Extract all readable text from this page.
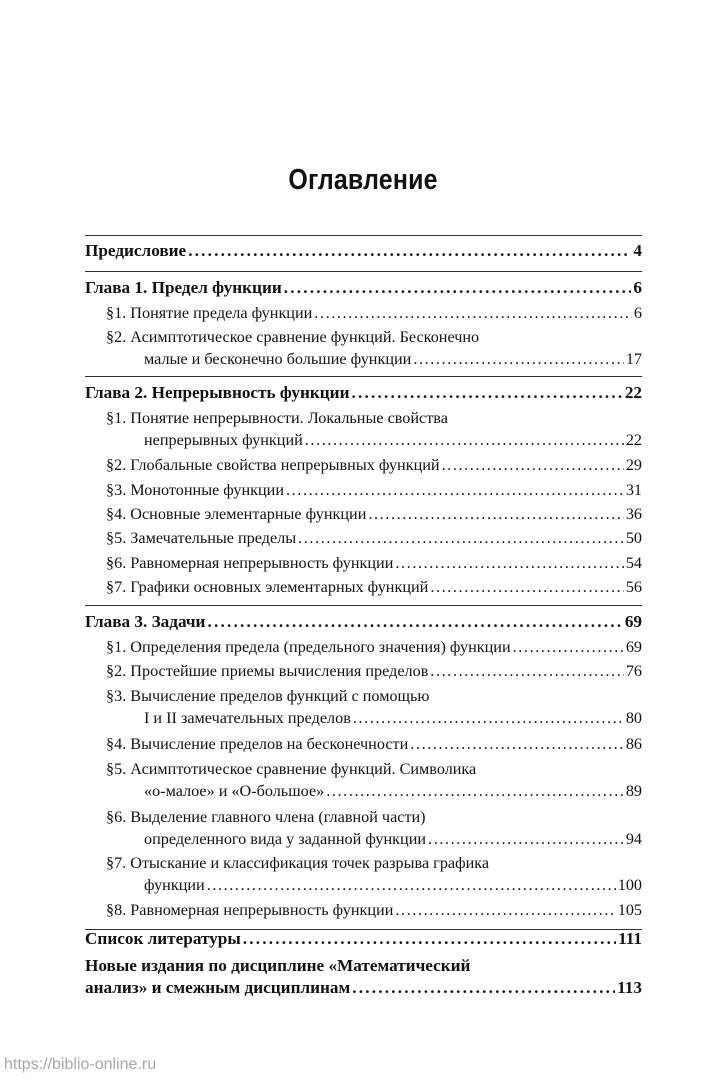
Оглавление
Предисловие .....	4
Глава 1. Предел функции .....	6
§1. Понятие предела функции .....	6
§2. Асимптотическое сравнение функций. Бесконечно
малые и бесконечно большие функции .....	17
Глава 2. Непрерывность функции .....	22
§1. Понятие непрерывности. Локальные свойства
непрерывных функций .....	22
§2. Глобальные свойства непрерывных функций .....	29
§3. Монотонные функции .....	31
§4. Основные элементарные функции .....	36
§5. Замечательные пределы .....	50
§6. Равномерная непрерывность функции .....	54
§7. Графики основных элементарных функций .....	56
Глава 3. Задачи .....	69
§1. Определения предела (предельного значения) функции .....	69
§2. Простейшие приемы вычисления пределов .....	76
§3. Вычисление пределов функций с помощью
I и II замечательных пределов .....	80
§4. Вычисление пределов на бесконечности .....	86
§5. Асимптотическое сравнение функций. Символика
«о-малое» и «О-большое» .....	89
§6. Выделение главного члена (главной части)
определенного вида у заданной функции .....	94
§7. Отыскание и классификация точек разрыва графика
функции .....	100
§8. Равномерная непрерывность функции .....	105
Список литературы .....	111
Новые издания по дисциплине «Математический
анализ» и смежным дисциплинам .....	113
https://biblio-online.ru
